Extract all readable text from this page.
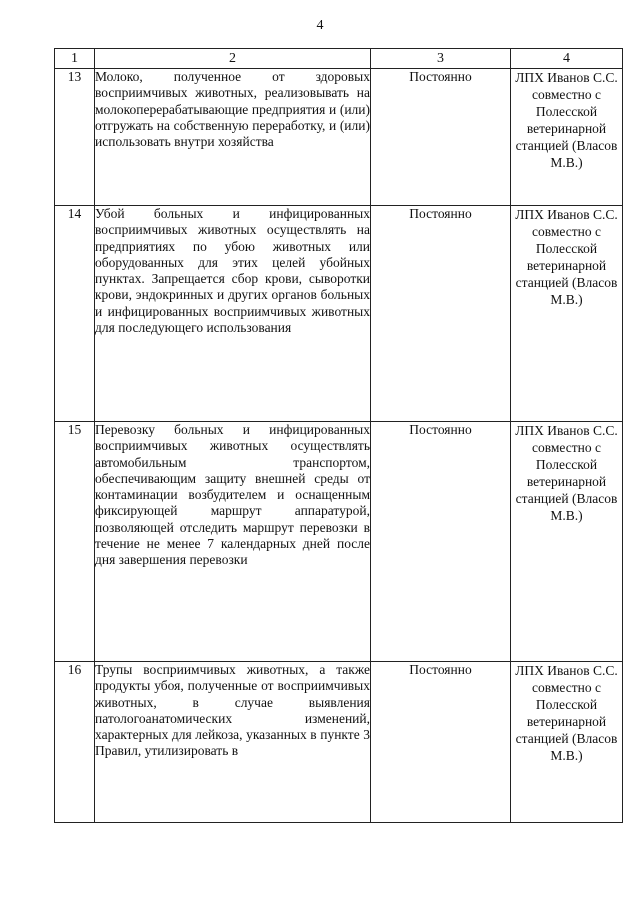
4
1	2	3	4
13	Молоко, полученное от здоровых восприимчивых животных, реализовывать на молокоперерабатывающие предприятия и (или) отгружать на собственную переработку, и (или) использовать внутри хозяйства	Постоянно	ЛПХ Иванов С.С. совместно с Полесской ветеринарной станцией (Власов М.В.)
14	Убой больных и инфицированных восприимчивых животных осуществлять на предприятиях по убою животных или оборудованных для этих целей убойных пунктах. Запрещается сбор крови, сыворотки крови, эндокринных и других органов больных и инфицированных восприимчивых животных для последующего использования	Постоянно	ЛПХ Иванов С.С. совместно с Полесской ветеринарной станцией (Власов М.В.)
15	Перевозку больных и инфицированных восприимчивых животных осуществлять автомобильным транспортом, обеспечивающим защиту внешней среды от контаминации возбудителем и оснащенным фиксирующей маршрут аппаратурой, позволяющей отследить маршрут перевозки в течение не менее 7 календарных дней после дня завершения перевозки	Постоянно	ЛПХ Иванов С.С. совместно с Полесской ветеринарной станцией (Власов М.В.)
16	Трупы восприимчивых животных, а также продукты убоя, полученные от восприимчивых животных, в случае выявления патологоанатомических изменений, характерных для лейкоза, указанных в пункте 3 Правил, утилизировать в	Постоянно	ЛПХ Иванов С.С. совместно с Полесской ветеринарной станцией (Власов М.В.)
